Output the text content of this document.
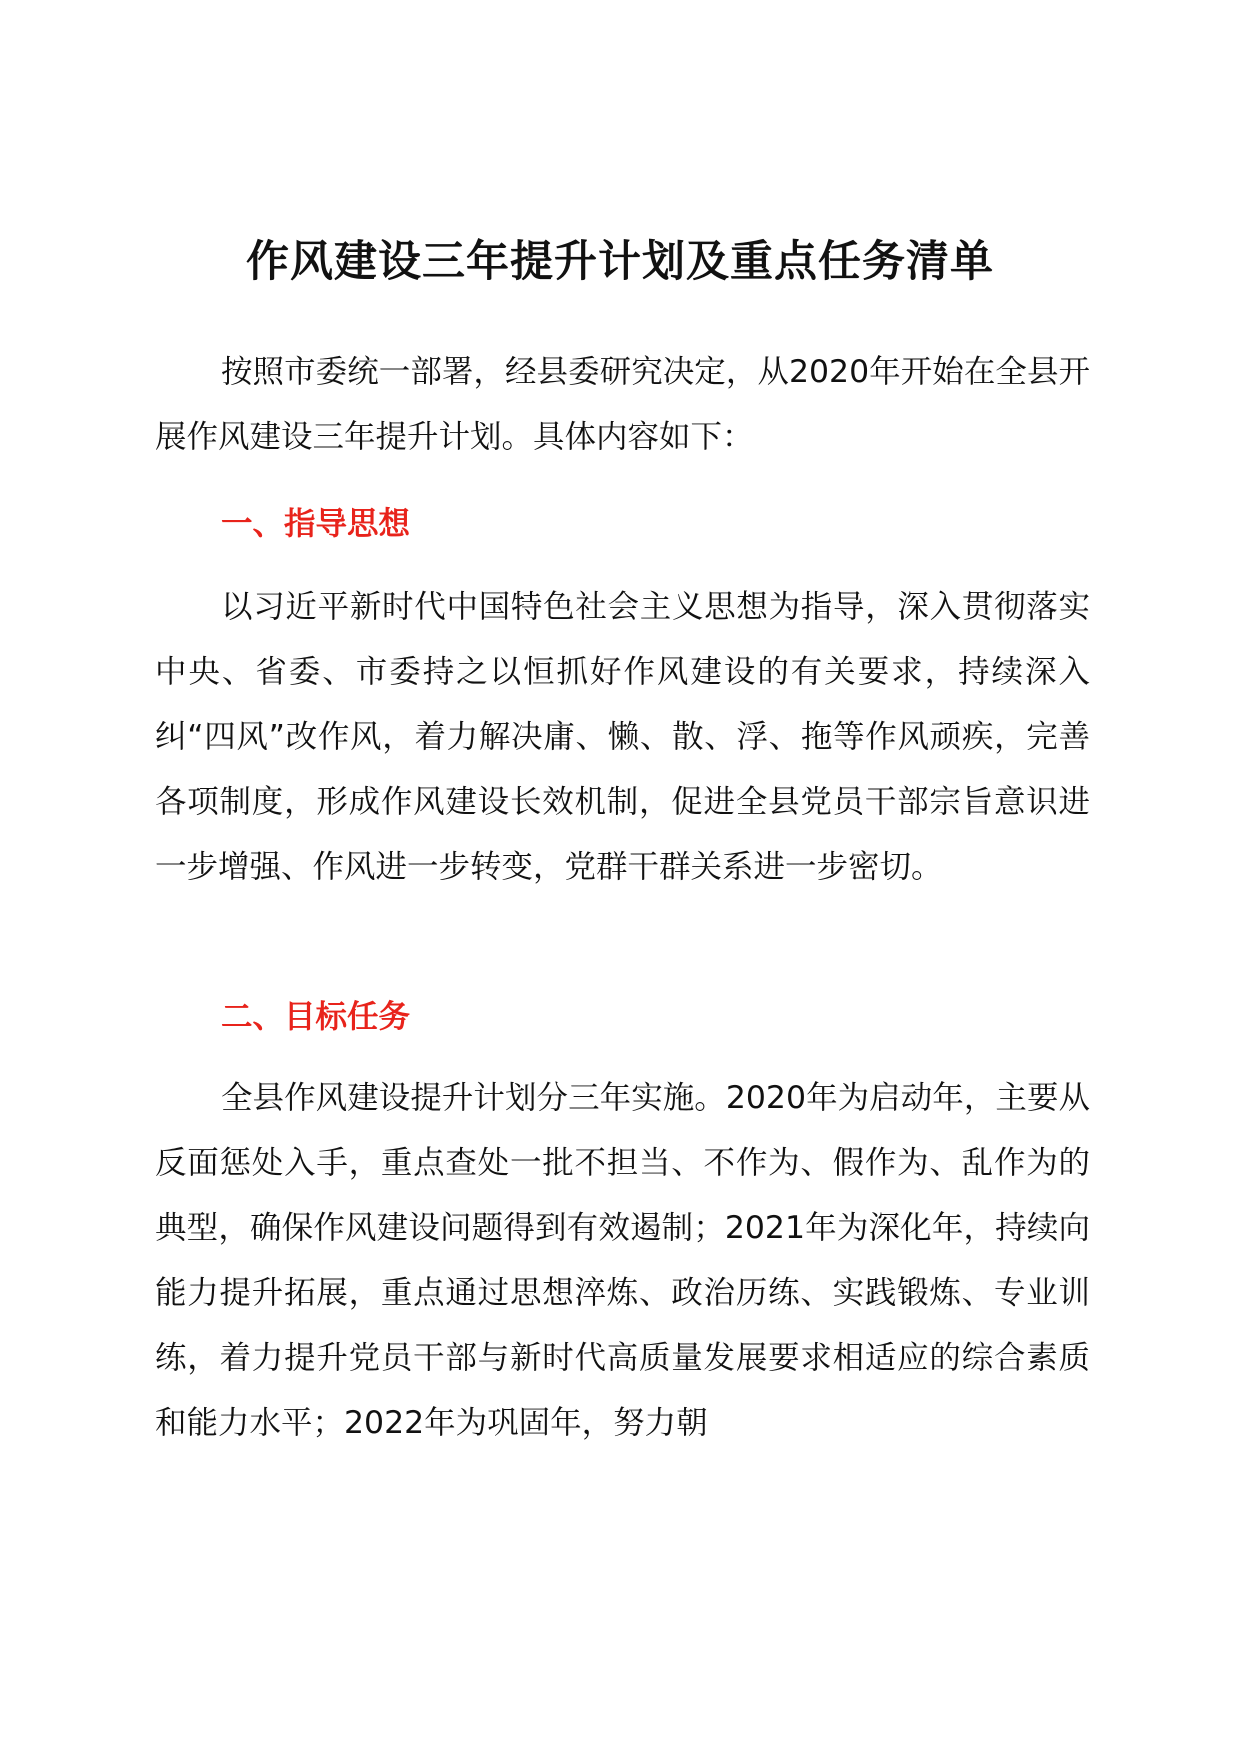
作风建设三年提升计划及重点任务清单

按照市委统一部署，经县委研究决定，从2020年开始在全县开展作风建设三年提升计划。具体内容如下：

一、指导思想

以习近平新时代中国特色社会主义思想为指导，深入贯彻落实中央、省委、市委持之以恒抓好作风建设的有关要求，持续深入纠“四风”改作风，着力解决庸、懒、散、浮、拖等作风顽疾，完善各项制度，形成作风建设长效机制，促进全县党员干部宗旨意识进一步增强、作风进一步转变，党群干群关系进一步密切。

二、目标任务

全县作风建设提升计划分三年实施。2020年为启动年，主要从反面惩处入手，重点查处一批不担当、不作为、假作为、乱作为的典型，确保作风建设问题得到有效遏制；2021年为深化年，持续向能力提升拓展，重点通过思想淬炼、政治历练、实践锻炼、专业训练，着力提升党员干部与新时代高质量发展要求相适应的综合素质和能力水平；2022年为巩固年，努力朝
